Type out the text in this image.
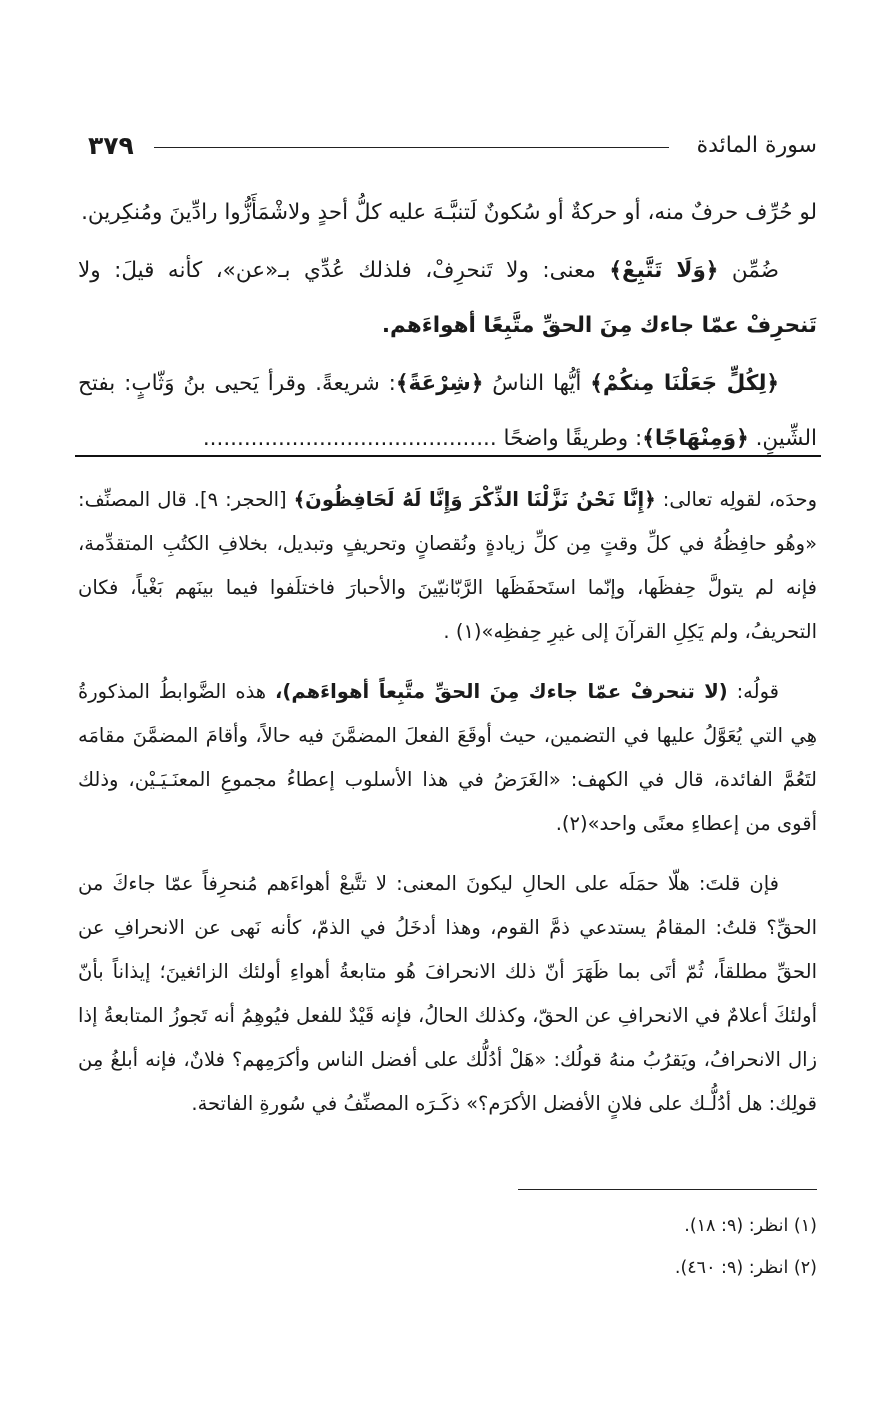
٣٧٩	سورة المائدة

لو حُرِّف حرفٌ منه، أو حركةٌ أو سُكونٌ لَتنبَّـهَ عليه كلُّ أحدٍ ولاشْمَأَزُّوا رادِّينَ ومُنكِرين.

ضُمِّن ﴿وَلَا تَتَّبِعْ﴾ معنى: ولا تَنحرِفْ، فلذلك عُدِّي بـ«عن»، كأنه قيلَ: ولا تَنحرِفْ عمّا جاءك مِنَ الحقِّ متَّبِعًا أهواءَهم.

﴿لِكُلٍّ جَعَلْنَا مِنكُمْ﴾ أيُّها الناسُ ﴿شِرْعَةً﴾: شريعةً. وقرأ يَحيى بنُ وَثّابٍ: بفتح الشِّينِ. ﴿وَمِنْهَاجًا﴾: وطريقًا واضحًا ...........................................

وحدَه، لقولِه تعالى: ﴿إِنَّا نَحْنُ نَزَّلْنَا الذِّكْرَ وَإِنَّا لَهُ لَحَافِظُونَ﴾ [الحجر: ٩]. قال المصنِّف: «وهُو حافِظُهُ في كلِّ وقتٍ مِن كلِّ زيادةٍ ونُقصانٍ وتحريفٍ وتبديل، بخلافِ الكتُبِ المتقدِّمة، فإنه لم يتولَّ حِفظَها، وإنّما استَحفَظَها الرَّبّانيّينَ والأحبارَ فاختلَفوا فيما بينَهم بَغْياً، فكان التحريفُ، ولم يَكِلِ القرآنَ إلى غيرِ حِفظِه»(١) .

قولُه: (لا تنحرفْ عمّا جاءك مِنَ الحقِّ متَّبِعاً أهواءَهم)، هذه الضَّوابطُ المذكورةُ هِي التي يُعَوَّلُ عليها في التضمين، حيث أوقَعَ الفعلَ المضمَّنَ فيه حالاً، وأقامَ المضمَّنَ مقامَه لتَعُمَّ الفائدة، قال في الكهف: «الغَرَضُ في هذا الأسلوب إعطاءُ مجموعِ المعنَـيَـيْن، وذلك أقوى من إعطاءِ معنًى واحد»(٢).

فإن قلتَ: هلّا حمَلَه على الحالِ ليكونَ المعنى: لا تتَّبعْ أهواءَهم مُنحرِفاً عمّا جاءكَ من الحقِّ؟ قلتُ: المقامُ يستدعي ذمَّ القوم، وهذا أدخَلُ في الذمّ، كأنه نَهى عن الانحرافِ عن الحقِّ مطلقاً، ثُمّ أتَى بما ظَهَرَ أنّ ذلك الانحرافَ هُو متابعةُ أهواءِ أولئك الزائغينَ؛ إيذاناً بأنّ أولئكَ أعلامٌ في الانحرافِ عن الحقّ، وكذلك الحالُ، فإنه قَيْدٌ للفعل فيُوهِمُ أنه تَجوزُ المتابعةُ إذا زال الانحرافُ، ويَقرُبُ منهُ قولُك: «هَلْ أدُلُّك على أفضل الناس وأكرَمِهم؟ فلانٌ، فإنه أبلغُ مِن قولِك: هل أدُلُّـك على فلانٍ الأفضل الأكرَم؟» ذكَـرَه المصنِّفُ في سُورةِ الفاتحة.

(١) انظر: (٩: ١٨).

(٢) انظر: (٩: ٤٦٠).
